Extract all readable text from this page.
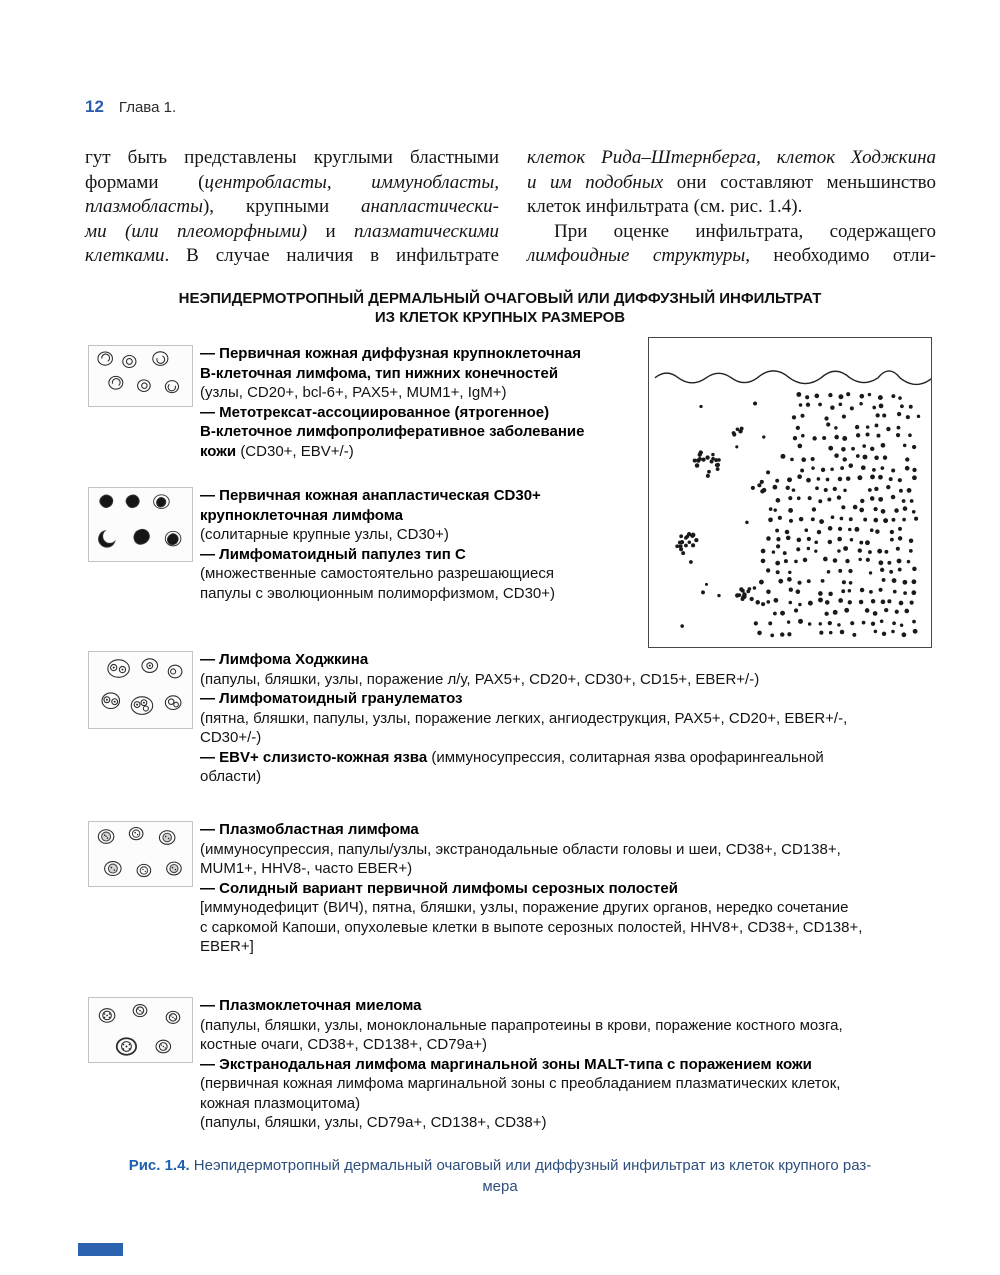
12 Глава 1.
гут быть представлены круглыми бластными
формами (центробласты, иммунобласты,
плазмобласты), крупными анапластически-
ми (или плеоморфными) и плазматическими
клетками. В случае наличия в инфильтрате
клеток Рида–Штернберга, клеток Ходжкина
и им подобных они составляют меньшинство
клеток инфильтрата (см. рис. 1.4).
При оценке инфильтрата, содержащего
лимфоидные структуры, необходимо отли-
НЕЭПИДЕРМОТРОПНЫЙ ДЕРМАЛЬНЫЙ ОЧАГОВЫЙ ИЛИ ДИФФУЗНЫЙ ИНФИЛЬТРАТ
ИЗ КЛЕТОК КРУПНЫХ РАЗМЕРОВ
— Первичная кожная диффузная крупноклеточная
В-клеточная лимфома, тип нижних конечностей
(узлы, CD20+, bcl-6+, PAX5+, MUM1+, IgM+)
— Метотрексат-ассоциированное (ятрогенное)
В-клеточное лимфопролиферативное заболевание
кожи (CD30+, EBV+/-)
— Первичная кожная анапластическая CD30+
крупноклеточная лимфома
(солитарные крупные узлы, CD30+)
— Лимфоматоидный папулез тип C
(множественные самостоятельно разрешающиеся
папулы с эволюционным полиморфизмом, CD30+)
— Лимфома Ходжкина
(папулы, бляшки, узлы, поражение л/у, PAX5+, CD20+, CD30+, CD15+, EBER+/-)
— Лимфоматоидный гранулематоз
(пятна, бляшки, папулы, узлы, поражение легких, ангиодеструкция, PAX5+, CD20+, EBER+/-,
CD30+/-)
— EBV+ слизисто-кожная язва (иммуносупрессия, солитарная язва орофарингеальной
области)
— Плазмобластная лимфома
(иммуносупрессия, папулы/узлы, экстранодальные области головы и шеи, CD38+, CD138+,
MUM1+, HHV8-, часто EBER+)
— Солидный вариант первичной лимфомы серозных полостей
[иммунодефицит (ВИЧ), пятна, бляшки, узлы, поражение других органов, нередко сочетание
с саркомой Капоши, опухолевые клетки в выпоте серозных полостей, HHV8+, CD38+, CD138+,
EBER+]
— Плазмоклеточная миелома
(папулы, бляшки, узлы, моноклональные парапротеины в крови, поражение костного мозга,
костные очаги, CD38+, CD138+, CD79a+)
— Экстранодальная лимфома маргинальной зоны MALT-типа с поражением кожи
(первичная кожная лимфома маргинальной зоны с преобладанием плазматических клеток,
кожная плазмоцитома)
(папулы, бляшки, узлы, CD79a+, CD138+, CD38+)
Рис. 1.4. Неэпидермотропный дермальный очаговый или диффузный инфильтрат из клеток крупного раз-
мера
